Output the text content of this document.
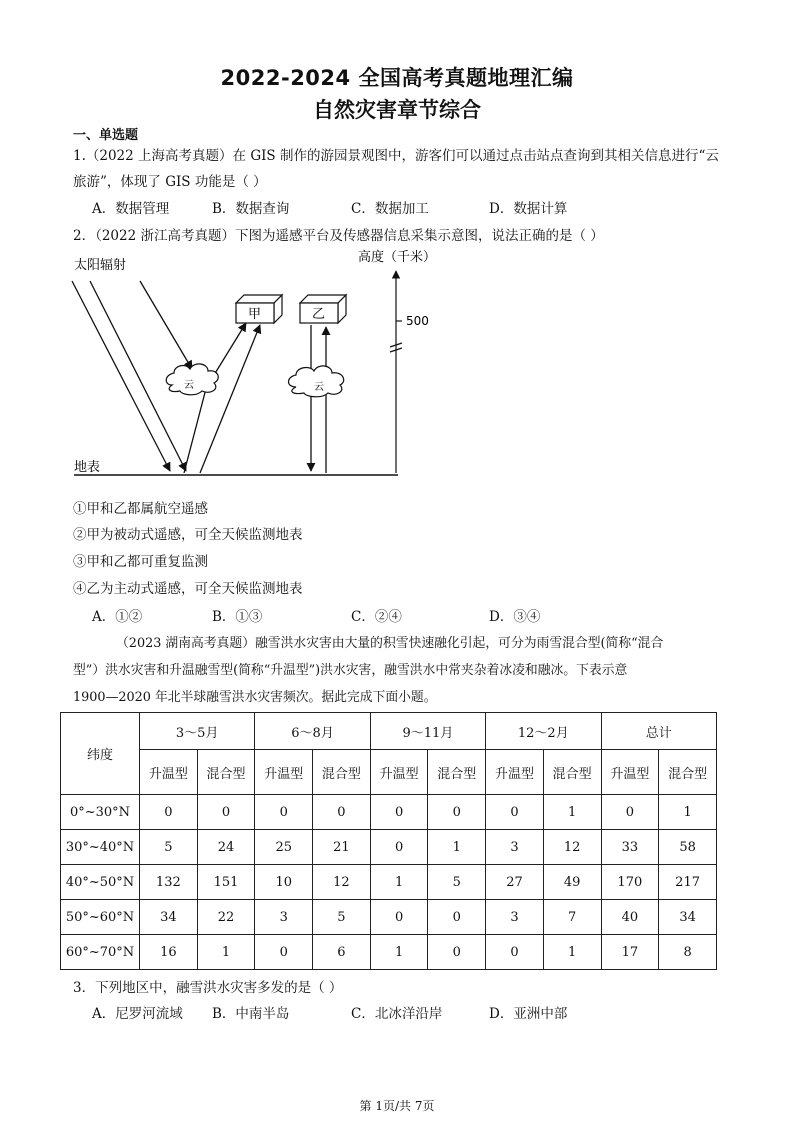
2022-2024 全国高考真题地理汇编
自然灾害章节综合
一、单选题
1.（2022 上海高考真题）在 GIS 制作的游园景观图中，游客们可以通过点击站点查询到其相关信息进行“云
旅游”，体现了 GIS 功能是（ ）
A．数据管理	B．数据查询	C．数据加工	D．数据计算
2．（2022 浙江高考真题）下图为遥感平台及传感器信息采集示意图，说法正确的是（ ）
太阳辐射
高度（千米）
500
地表
云
甲	乙
云
①甲和乙都属航空遥感
②甲为被动式遥感，可全天候监测地表
③甲和乙都可重复监测
④乙为主动式遥感，可全天候监测地表
A．①②	B．①③	C．②④	D．③④
（2023 湖南高考真题）融雪洪水灾害由大量的积雪快速融化引起，可分为雨雪混合型(简称“混合
型”）洪水灾害和升温融雪型(简称“升温型”)洪水灾害，融雪洪水中常夹杂着冰凌和融冰。下表示意
1900—2020 年北半球融雪洪水灾害频次。据此完成下面小题。
纬度	3～5月		6～8月		9～11月		12～2月		总计	
	升温型	混合型	升温型	混合型	升温型	混合型	升温型	混合型	升温型	混合型
0°~30°N	0	0	0	0	0	0	0	1	0	1
30°~40°N	5	24	25	21	0	1	3	12	33	58
40°~50°N	132	151	10	12	1	5	27	49	170	217
50°~60°N	34	22	3	5	0	0	3	7	40	34
60°~70°N	16	1	0	6	1	0	0	1	17	8
3．下列地区中，融雪洪水灾害多发的是（ ）
A．尼罗河流域 B．中南半岛	C．北冰洋沿岸	D．亚洲中部
第 1页/共 7页
